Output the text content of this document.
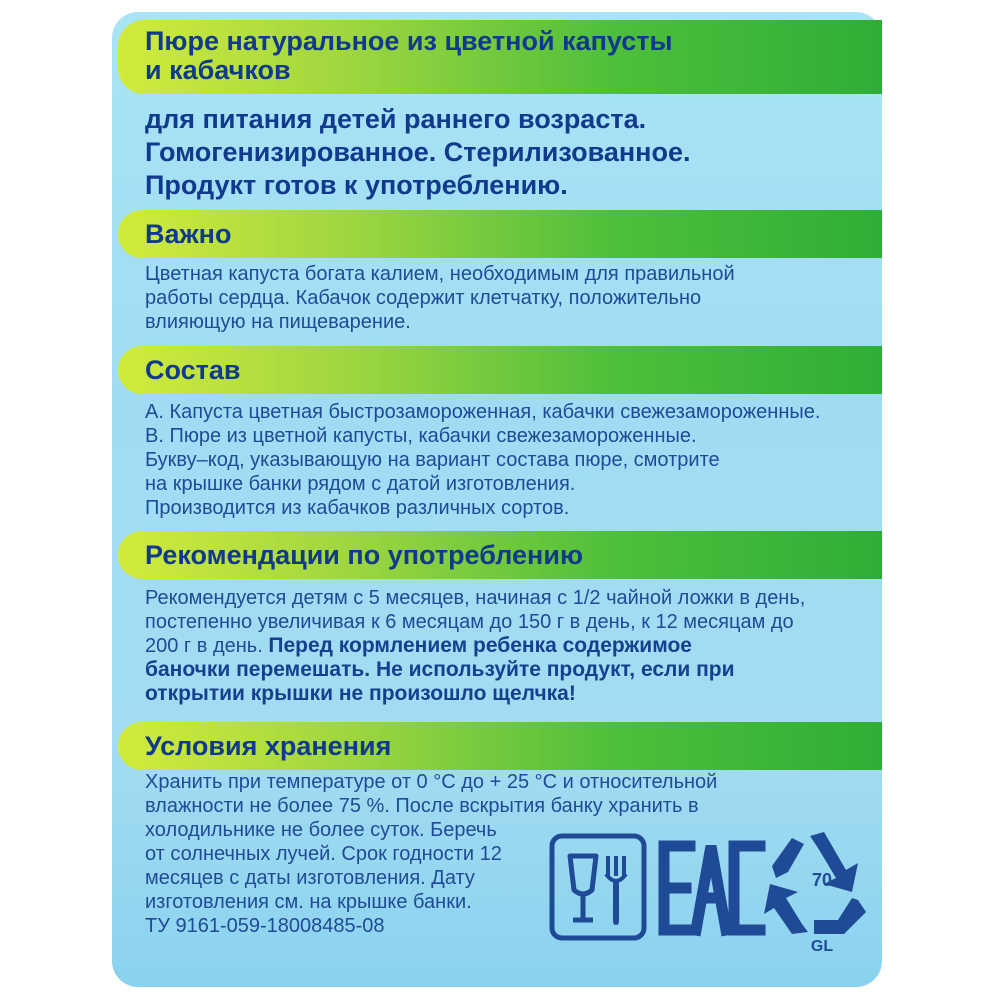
Пюре натуральное из цветной капусты
и кабачков
для питания детей раннего возраста.
Гомогенизированное. Стерилизованное.
Продукт готов к употреблению.
Важно

Цветная капуста богата калием, необходимым для правильной

работы сердца. Кабачок содержит клетчатку, положительно

влияющую на пищеварение.

Состав

А. Капуста цветная быстрозамороженная, кабачки свежезамороженные.

В. Пюре из цветной капусты, кабачки свежезамороженные.

Букву–код, указывающую на вариант состава пюре, смотрите

на крышке банки рядом с датой изготовления.

Производится из кабачков различных сортов.

Рекомендации по употреблению

Рекомендуется детям с 5 месяцев, начиная с 1/2 чайной ложки в день,

постепенно увеличивая к 6 месяцам до 150 г в день, к 12 месяцам до

200 г в день. Перед кормлением ребенка содержимое

баночки перемешать. Не используйте продукт, если при

открытии крышки не произошло щелчка!

Условия хранения

Хранить при температуре от 0 °С до + 25 °С и относительной

влажности не более 75 %. После вскрытия банку хранить в

холодильнике не более суток. Беречь

от солнечных лучей. Срок годности 12

месяцев с даты изготовления. Дату

изготовления см. на крышке банки.

ТУ 9161-059-18008485-08

70
GL
